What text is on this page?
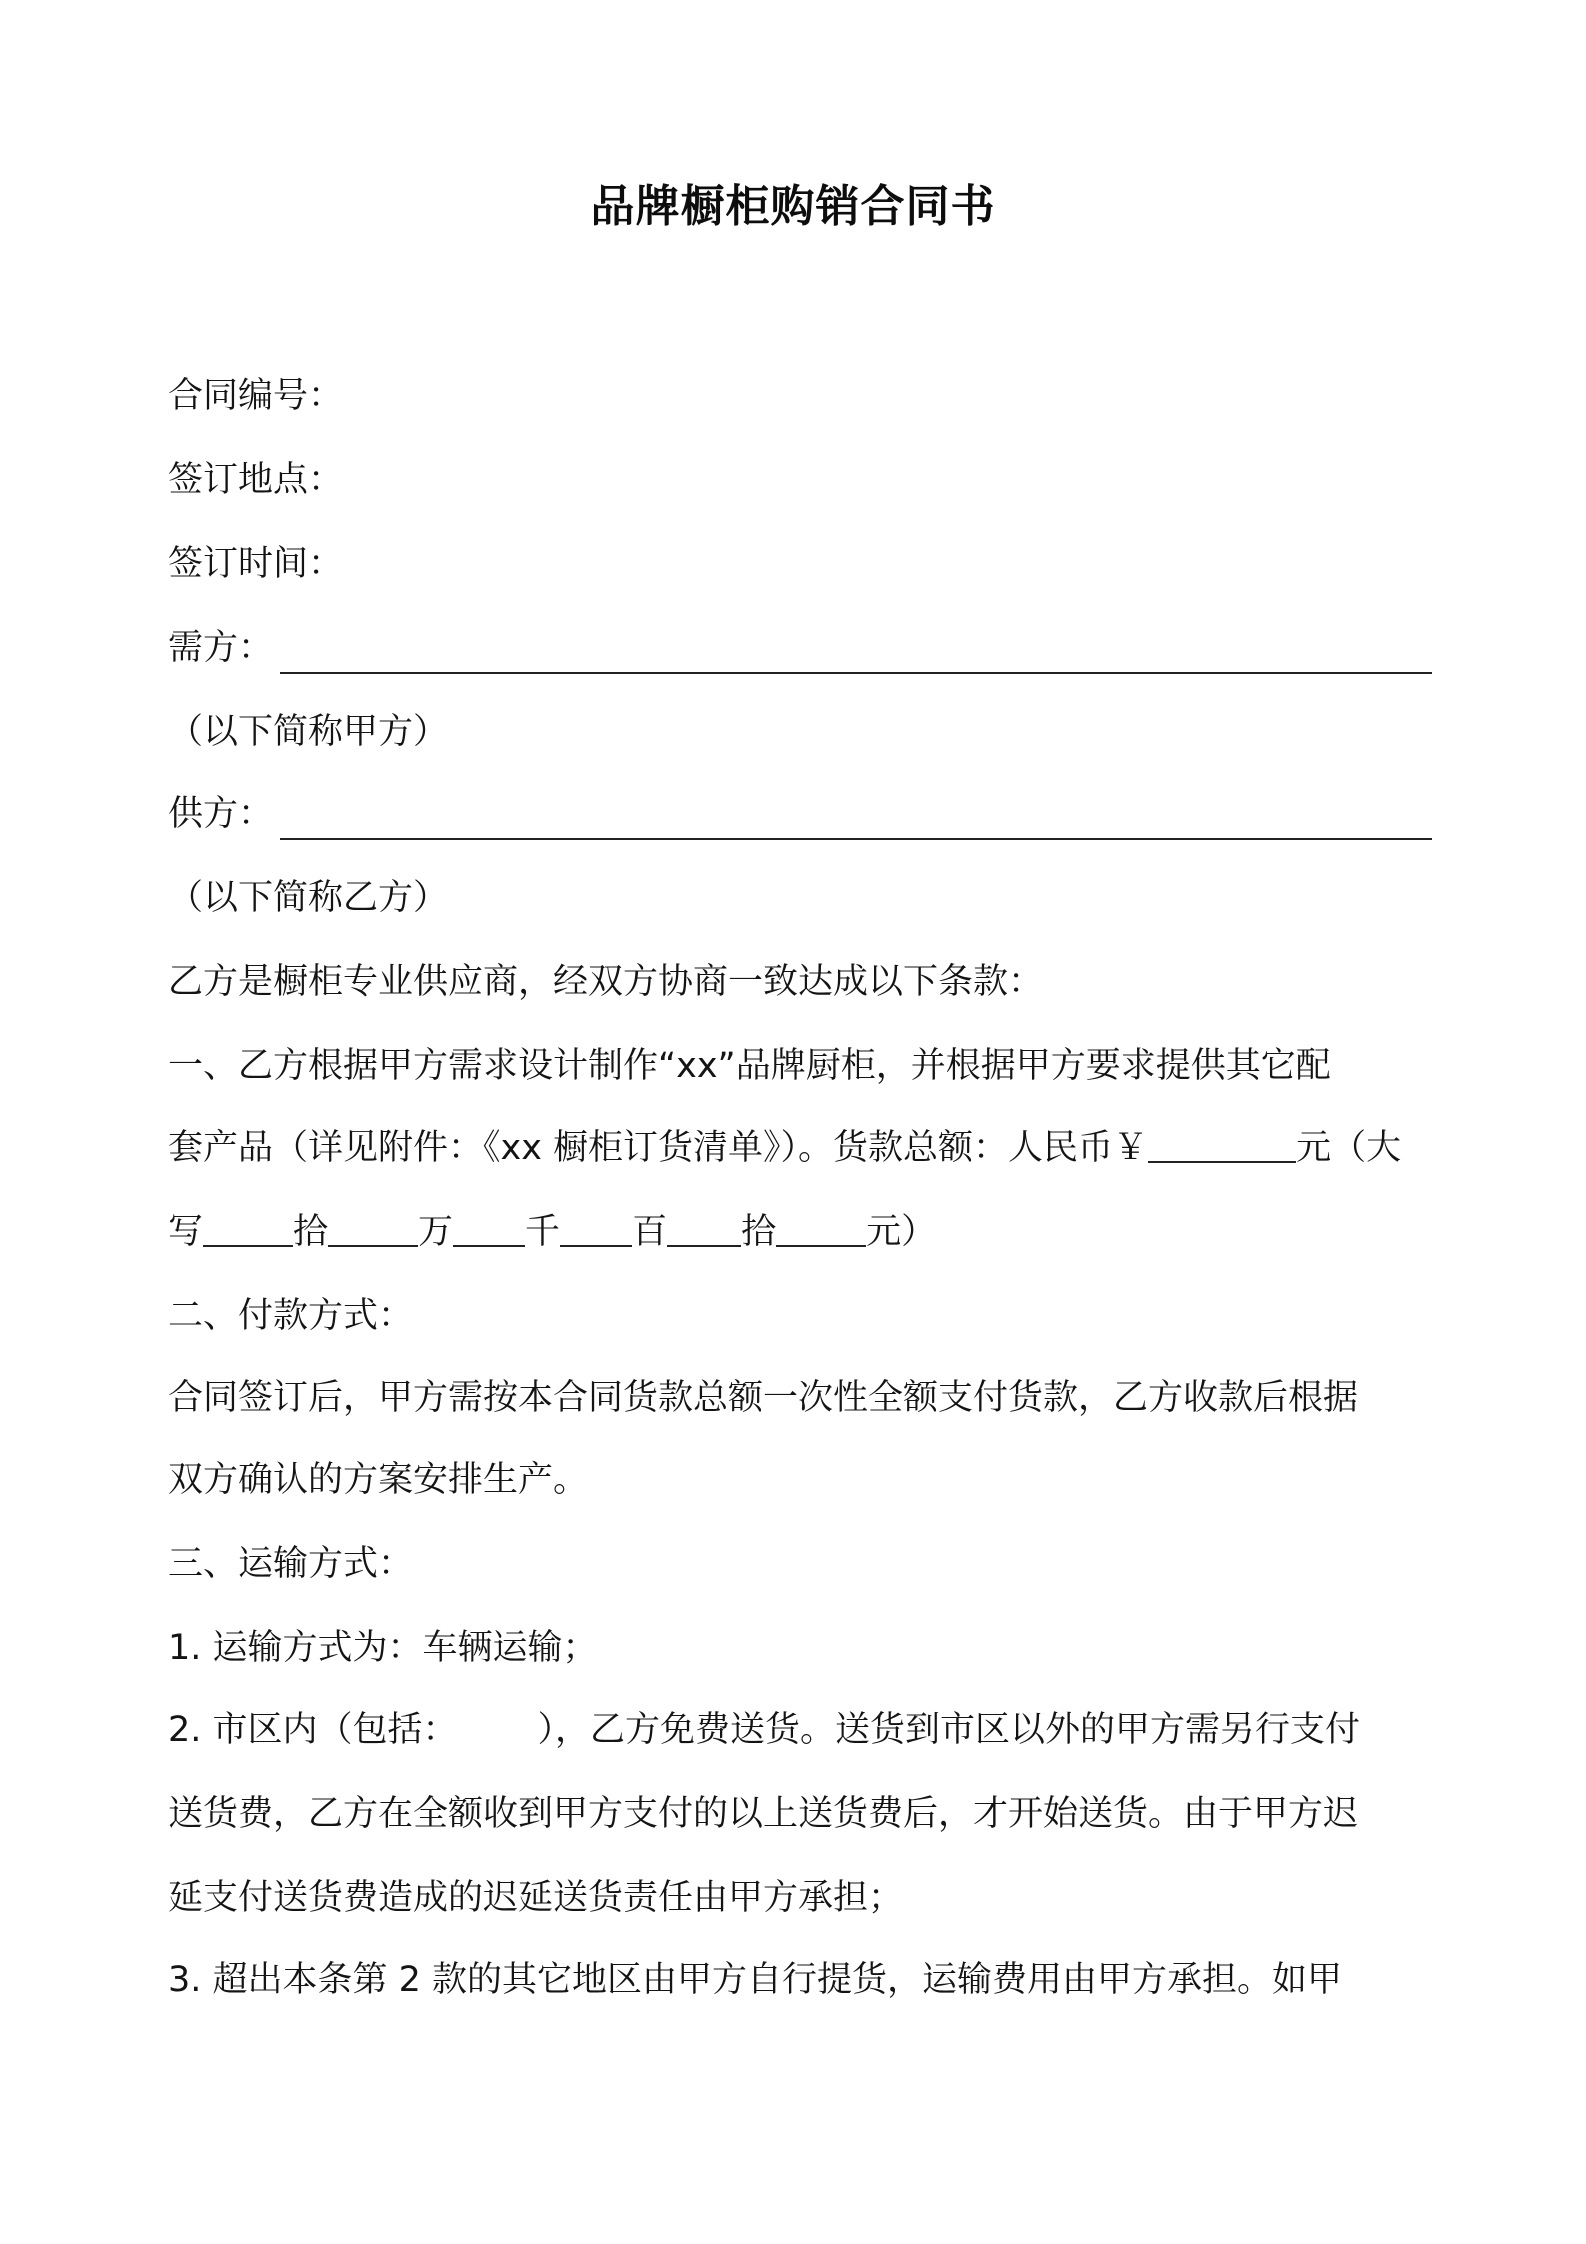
品牌橱柜购销合同书
合同编号：
签订地点：
签订时间：
需方：
（以下简称甲方）
供方：
（以下简称乙方）
乙方是橱柜专业供应商，经双方协商一致达成以下条款：
一、乙方根据甲方需求设计制作“xx”品牌厨柜，并根据甲方要求提供其它配
套产品（详见附件：《xx 橱柜订货清单》）。货款总额：人民币￥	元（大
写	拾	万 千 百 拾	元）
二、付款方式：
合同签订后，甲方需按本合同货款总额一次性全额支付货款，乙方收款后根据
双方确认的方案安排生产。
三、运输方式：
1. 运输方式为：车辆运输；
2. 市区内（包括： ），乙方免费送货。送货到市区以外的甲方需另行支付
送货费，乙方在全额收到甲方支付的以上送货费后，才开始送货。由于甲方迟
延支付送货费造成的迟延送货责任由甲方承担；
3. 超出本条第 2 款的其它地区由甲方自行提货，运输费用由甲方承担。如甲
